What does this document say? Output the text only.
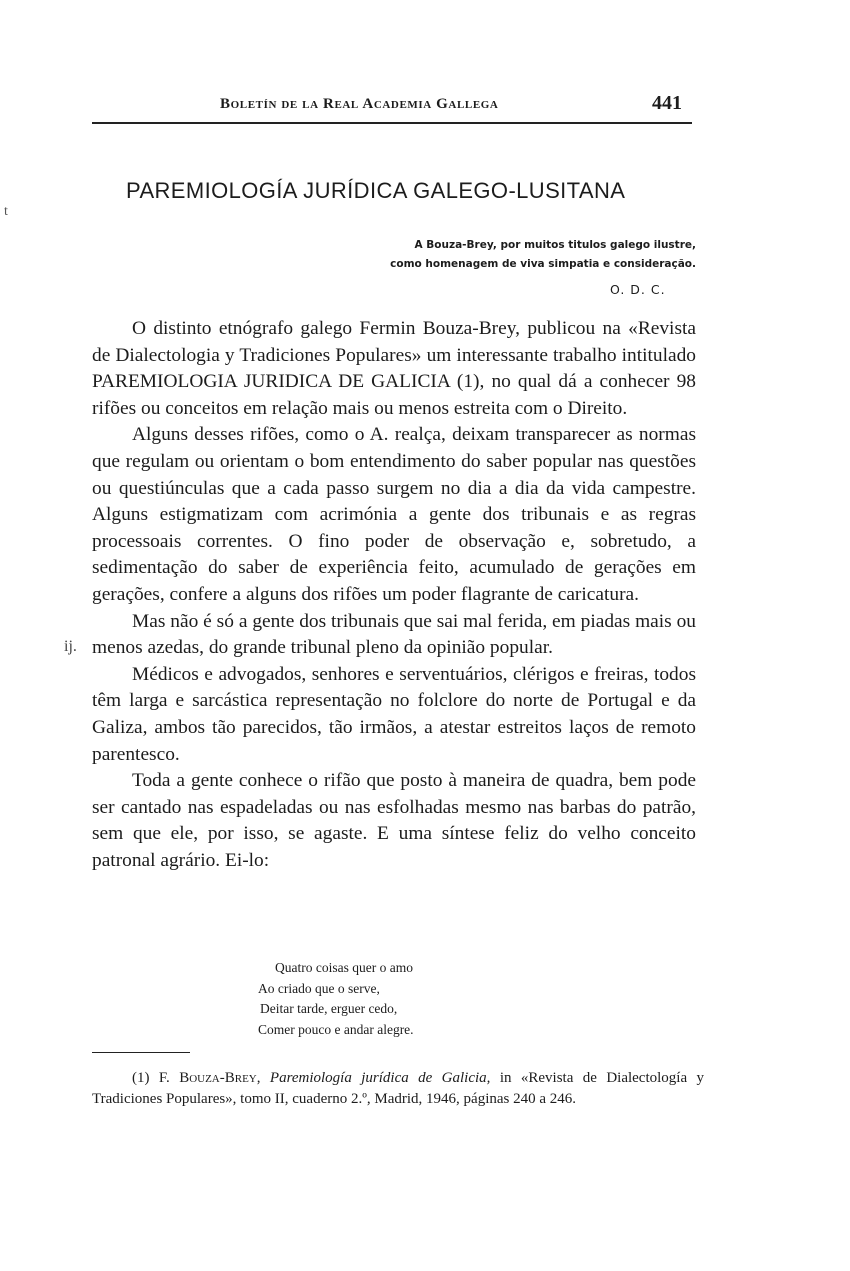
Boletín de la Real Academia Gallega	441
t
PAREMIOLOGÍA JURÍDICA GALEGO-LUSITANA
A Bouza-Brey, por muitos titulos galego ilustre,
como homenagem de viva simpatia e consideração.
O. D. C.

O distinto etnógrafo galego Fermin Bouza-Brey, publicou na «Revista de Dialectologia y Tradiciones Populares» um interessante trabalho intitulado PAREMIOLOGIA JURIDICA DE GALICIA (1), no qual dá a conhecer 98 rifões ou conceitos em relação mais ou menos estreita com o Direito.

Alguns desses rifões, como o A. realça, deixam transparecer as normas que regulam ou orientam o bom entendimento do saber popular nas questões ou questiúnculas que a cada passo surgem no dia a dia da vida campestre. Alguns estigmatizam com acrimónia a gente dos tribunais e as regras processoais correntes. O fino poder de observação e, sobretudo, a sedimentação do saber de experiência feito, acumulado de gerações em gerações, confere a alguns dos rifões um poder flagrante de caricatura.

Mas não é só a gente dos tribunais que sai mal ferida, em piadas mais ou menos azedas, do grande tribunal pleno da opinião popular.

Médicos e advogados, senhores e serventuários, clérigos e freiras, todos têm larga e sarcástica representação no folclore do norte de Portugal e da Galiza, ambos tão parecidos, tão irmãos, a atestar estreitos laços de remoto parentesco.

Toda a gente conhece o rifão que posto à maneira de quadra, bem pode ser cantado nas espadeladas ou nas esfolhadas mesmo nas barbas do patrão, sem que ele, por isso, se agaste. E uma síntese feliz do velho conceito patronal agrário. Ei-lo:

ij.
Quatro coisas quer o amo
Ao criado que o serve,
Deitar tarde, erguer cedo,
Comer pouco e andar alegre.
(1) F. Bouza-Brey, Paremiología jurídica de Galicia, in «Revista de Dialectología y Tradiciones Populares», tomo II, cuaderno 2.º, Madrid, 1946, páginas 240 a 246.
